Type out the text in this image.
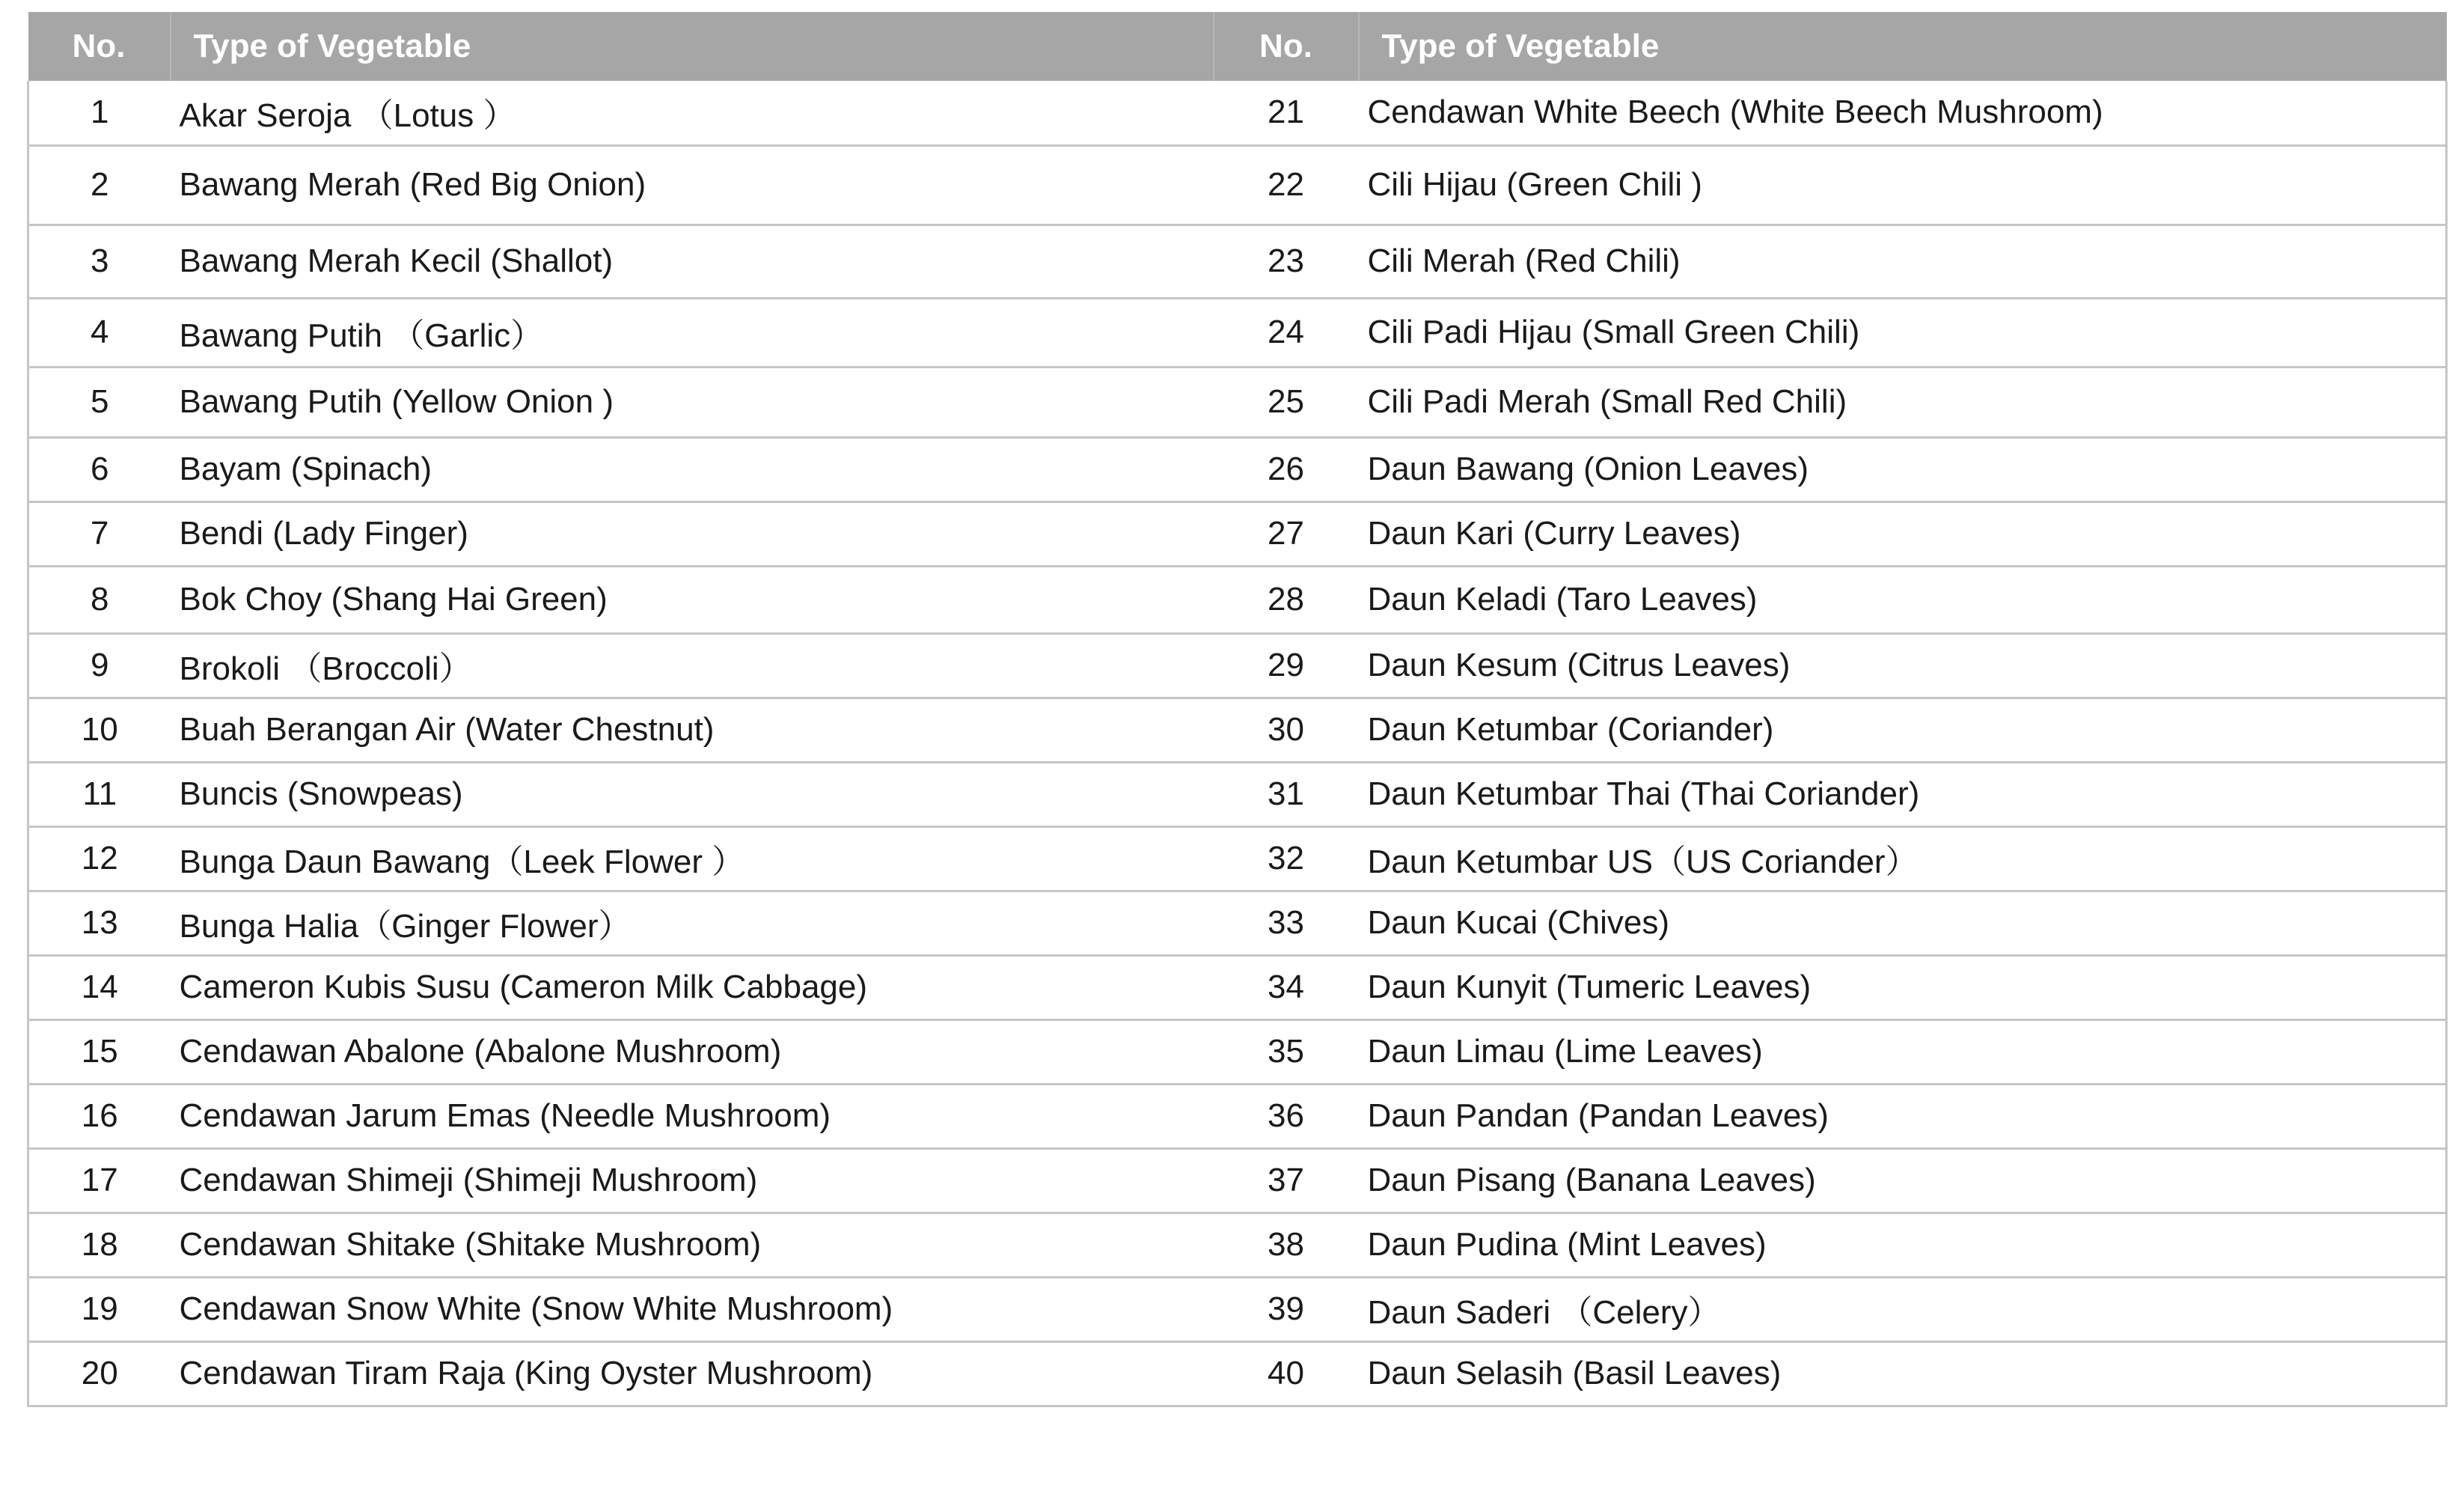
No.	Type of Vegetable	No.	Type of Vegetable
1	Akar Seroja （Lotus ）	21	Cendawan White Beech (White Beech Mushroom)
2	Bawang Merah (Red Big Onion)	22	Cili Hijau (Green Chili )
3	Bawang Merah Kecil (Shallot)	23	Cili Merah (Red Chili)
4	Bawang Putih （Garlic）	24	Cili Padi Hijau (Small Green Chili)
5	Bawang Putih (Yellow Onion )	25	Cili Padi Merah (Small Red Chili)
6	Bayam (Spinach)	26	Daun Bawang (Onion Leaves)
7	Bendi (Lady Finger)	27	Daun Kari (Curry Leaves)
8	Bok Choy (Shang Hai Green)	28	Daun Keladi (Taro Leaves)
9	Brokoli （Broccoli）	29	Daun Kesum (Citrus Leaves)
10	Buah Berangan Air (Water Chestnut)	30	Daun Ketumbar (Coriander)
11	Buncis (Snowpeas)	31	Daun Ketumbar Thai (Thai Coriander)
12	Bunga Daun Bawang（Leek Flower ）	32	Daun Ketumbar US（US Coriander）
13	Bunga Halia（Ginger Flower）	33	Daun Kucai (Chives)
14	Cameron Kubis Susu (Cameron Milk Cabbage)	34	Daun Kunyit (Tumeric Leaves)
15	Cendawan Abalone (Abalone Mushroom)	35	Daun Limau (Lime Leaves)
16	Cendawan Jarum Emas (Needle Mushroom)	36	Daun Pandan (Pandan Leaves)
17	Cendawan Shimeji (Shimeji Mushroom)	37	Daun Pisang (Banana Leaves)
18	Cendawan Shitake (Shitake Mushroom)	38	Daun Pudina (Mint Leaves)
19	Cendawan Snow White (Snow White Mushroom)	39	Daun Saderi （Celery）
20	Cendawan Tiram Raja (King Oyster Mushroom)	40	Daun Selasih (Basil Leaves)
